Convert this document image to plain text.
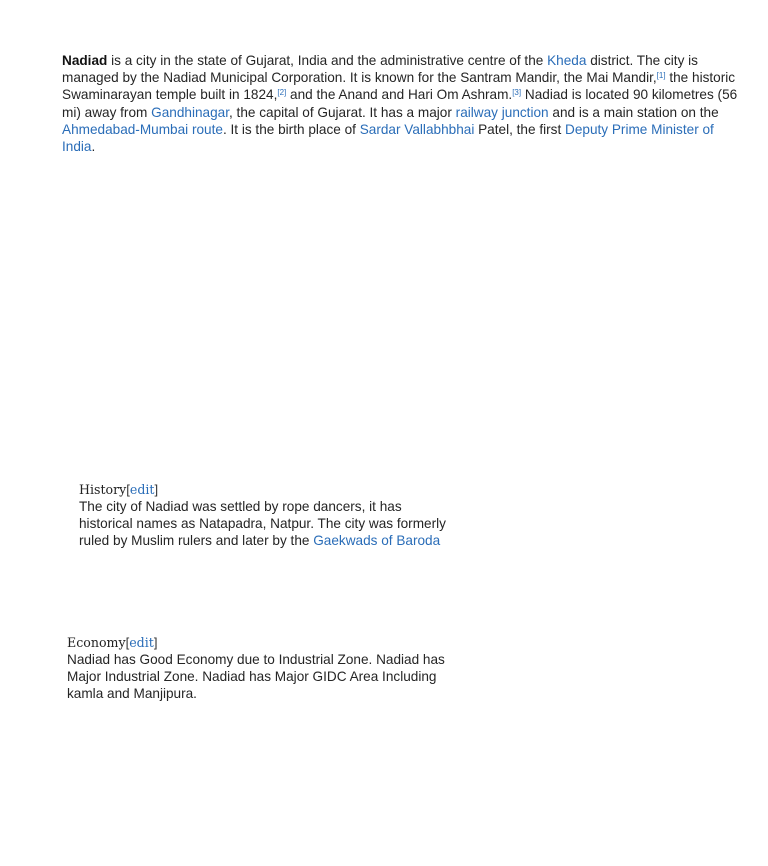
Nadiad is a city in the state of Gujarat, India and the administrative centre of the Kheda district. The city is managed by the Nadiad Municipal Corporation. It is known for the Santram Mandir, the Mai Mandir,[1] the historic Swaminarayan temple built in 1824,[2] and the Anand and Hari Om Ashram.[3] Nadiad is located 90 kilometres (56 mi) away from Gandhinagar, the capital of Gujarat. It has a major railway junction and is a main station on the Ahmedabad-Mumbai route. It is the birth place of Sardar Vallabhbhai Patel, the first Deputy Prime Minister of India.

History[edit]

The city of Nadiad was settled by rope dancers, it has historical names as Natapadra, Natpur. The city was formerly ruled by Muslim rulers and later by the Gaekwads of Baroda

Economy[edit]

Nadiad has Good Economy due to Industrial Zone. Nadiad has Major Industrial Zone. Nadiad has Major GIDC Area Including kamla and Manjipura.
